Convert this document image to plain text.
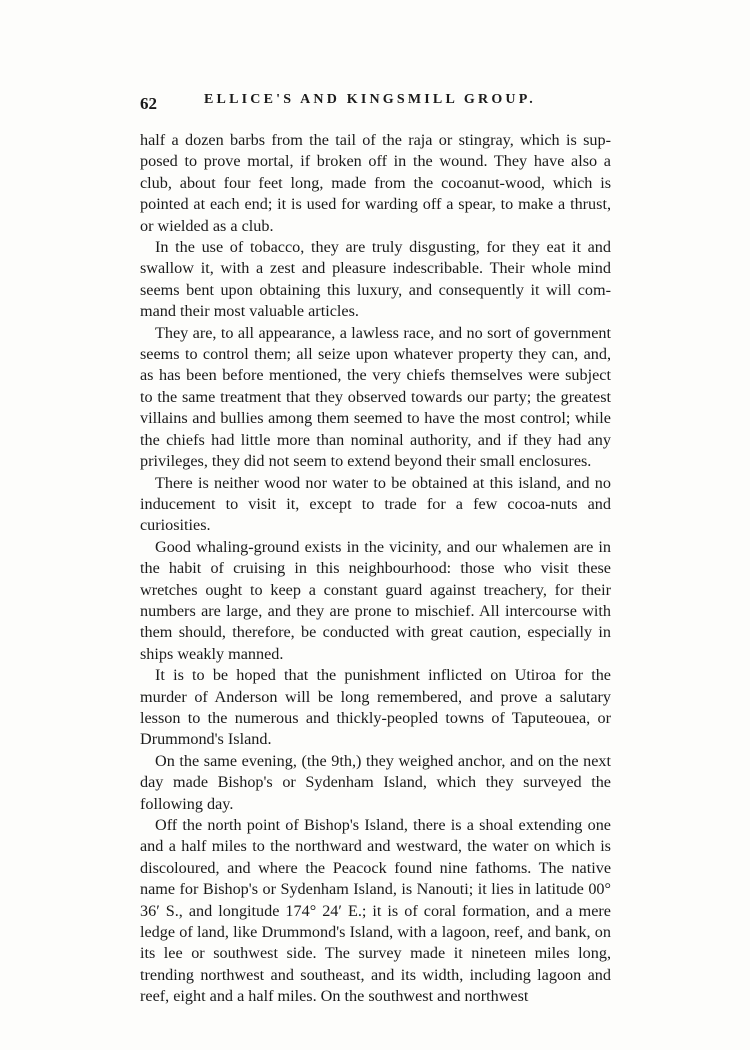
62	ELLICE'S AND KINGSMILL GROUP.

half a dozen barbs from the tail of the raja or stingray, which is supposed to prove mortal, if broken off in the wound. They have also a club, about four feet long, made from the cocoanut-wood, which is pointed at each end; it is used for warding off a spear, to make a thrust, or wielded as a club.

In the use of tobacco, they are truly disgusting, for they eat it and swallow it, with a zest and pleasure indescribable. Their whole mind seems bent upon obtaining this luxury, and consequently it will command their most valuable articles.

They are, to all appearance, a lawless race, and no sort of government seems to control them; all seize upon whatever property they can, and, as has been before mentioned, the very chiefs themselves were subject to the same treatment that they observed towards our party; the greatest villains and bullies among them seemed to have the most control; while the chiefs had little more than nominal authority, and if they had any privileges, they did not seem to extend beyond their small enclosures.

There is neither wood nor water to be obtained at this island, and no inducement to visit it, except to trade for a few cocoa-nuts and curiosities.

Good whaling-ground exists in the vicinity, and our whalemen are in the habit of cruising in this neighbourhood: those who visit these wretches ought to keep a constant guard against treachery, for their numbers are large, and they are prone to mischief. All intercourse with them should, therefore, be conducted with great caution, especially in ships weakly manned.

It is to be hoped that the punishment inflicted on Utiroa for the murder of Anderson will be long remembered, and prove a salutary lesson to the numerous and thickly-peopled towns of Taputeouea, or Drummond's Island.

On the same evening, (the 9th,) they weighed anchor, and on the next day made Bishop's or Sydenham Island, which they surveyed the following day.

Off the north point of Bishop's Island, there is a shoal extending one and a half miles to the northward and westward, the water on which is discoloured, and where the Peacock found nine fathoms. The native name for Bishop's or Sydenham Island, is Nanouti; it lies in latitude 00° 36′ S., and longitude 174° 24′ E.; it is of coral formation, and a mere ledge of land, like Drummond's Island, with a lagoon, reef, and bank, on its lee or southwest side. The survey made it nineteen miles long, trending northwest and southeast, and its width, including lagoon and reef, eight and a half miles. On the southwest and northwest
